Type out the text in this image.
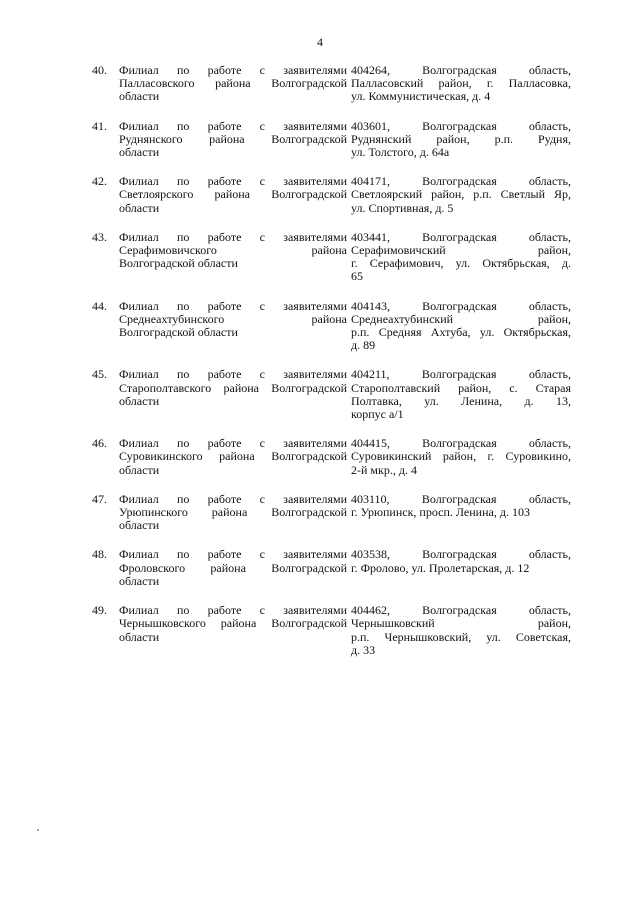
4
40.	Филиал по работе с заявителями
Палласовского района Волгоградской
области
404264, Волгоградская область,
Палласовский район, г. Палласовка,
ул. Коммунистическая, д. 4
41.	Филиал по работе с заявителями
Руднянского района Волгоградской
области
403601, Волгоградская область,
Руднянский район, р.п. Рудня,
ул. Толстого, д. 64а
42.	Филиал по работе с заявителями
Светлоярского района Волгоградской
области
404171, Волгоградская область,
Светлоярский район, р.п. Светлый Яр,
ул. Спортивная, д. 5
43.	Филиал по работе с заявителями
Серафимовичского района
Волгоградской области
403441, Волгоградская область,
Серафимовичский район,
г. Серафимович, ул. Октябрьская, д.
65
44.	Филиал по работе с заявителями
Среднеахтубинского района
Волгоградской области
404143, Волгоградская область,
Среднеахтубинский район,
р.п. Средняя Ахтуба, ул. Октябрьская,
д. 89
45.	Филиал по работе с заявителями
Старополтавского района Волгоградской
области
404211, Волгоградская область,
Старополтавский район, с. Старая
Полтавка, ул. Ленина, д. 13,
корпус а/1
46.	Филиал по работе с заявителями
Суровикинского района Волгоградской
области
404415, Волгоградская область,
Суровикинский район, г. Суровикино,
2-й мкр., д. 4
47.	Филиал по работе с заявителями
Урюпинского района Волгоградской
области
403110, Волгоградская область,
г. Урюпинск, просп. Ленина, д. 103
48.	Филиал по работе с заявителями
Фроловского района Волгоградской
области
403538, Волгоградская область,
г. Фролово, ул. Пролетарская, д. 12
49.	Филиал по работе с заявителями
Чернышковского района Волгоградской
области
404462, Волгоградская область,
Чернышковский район,
р.п. Чернышковский, ул. Советская,
д. 33
